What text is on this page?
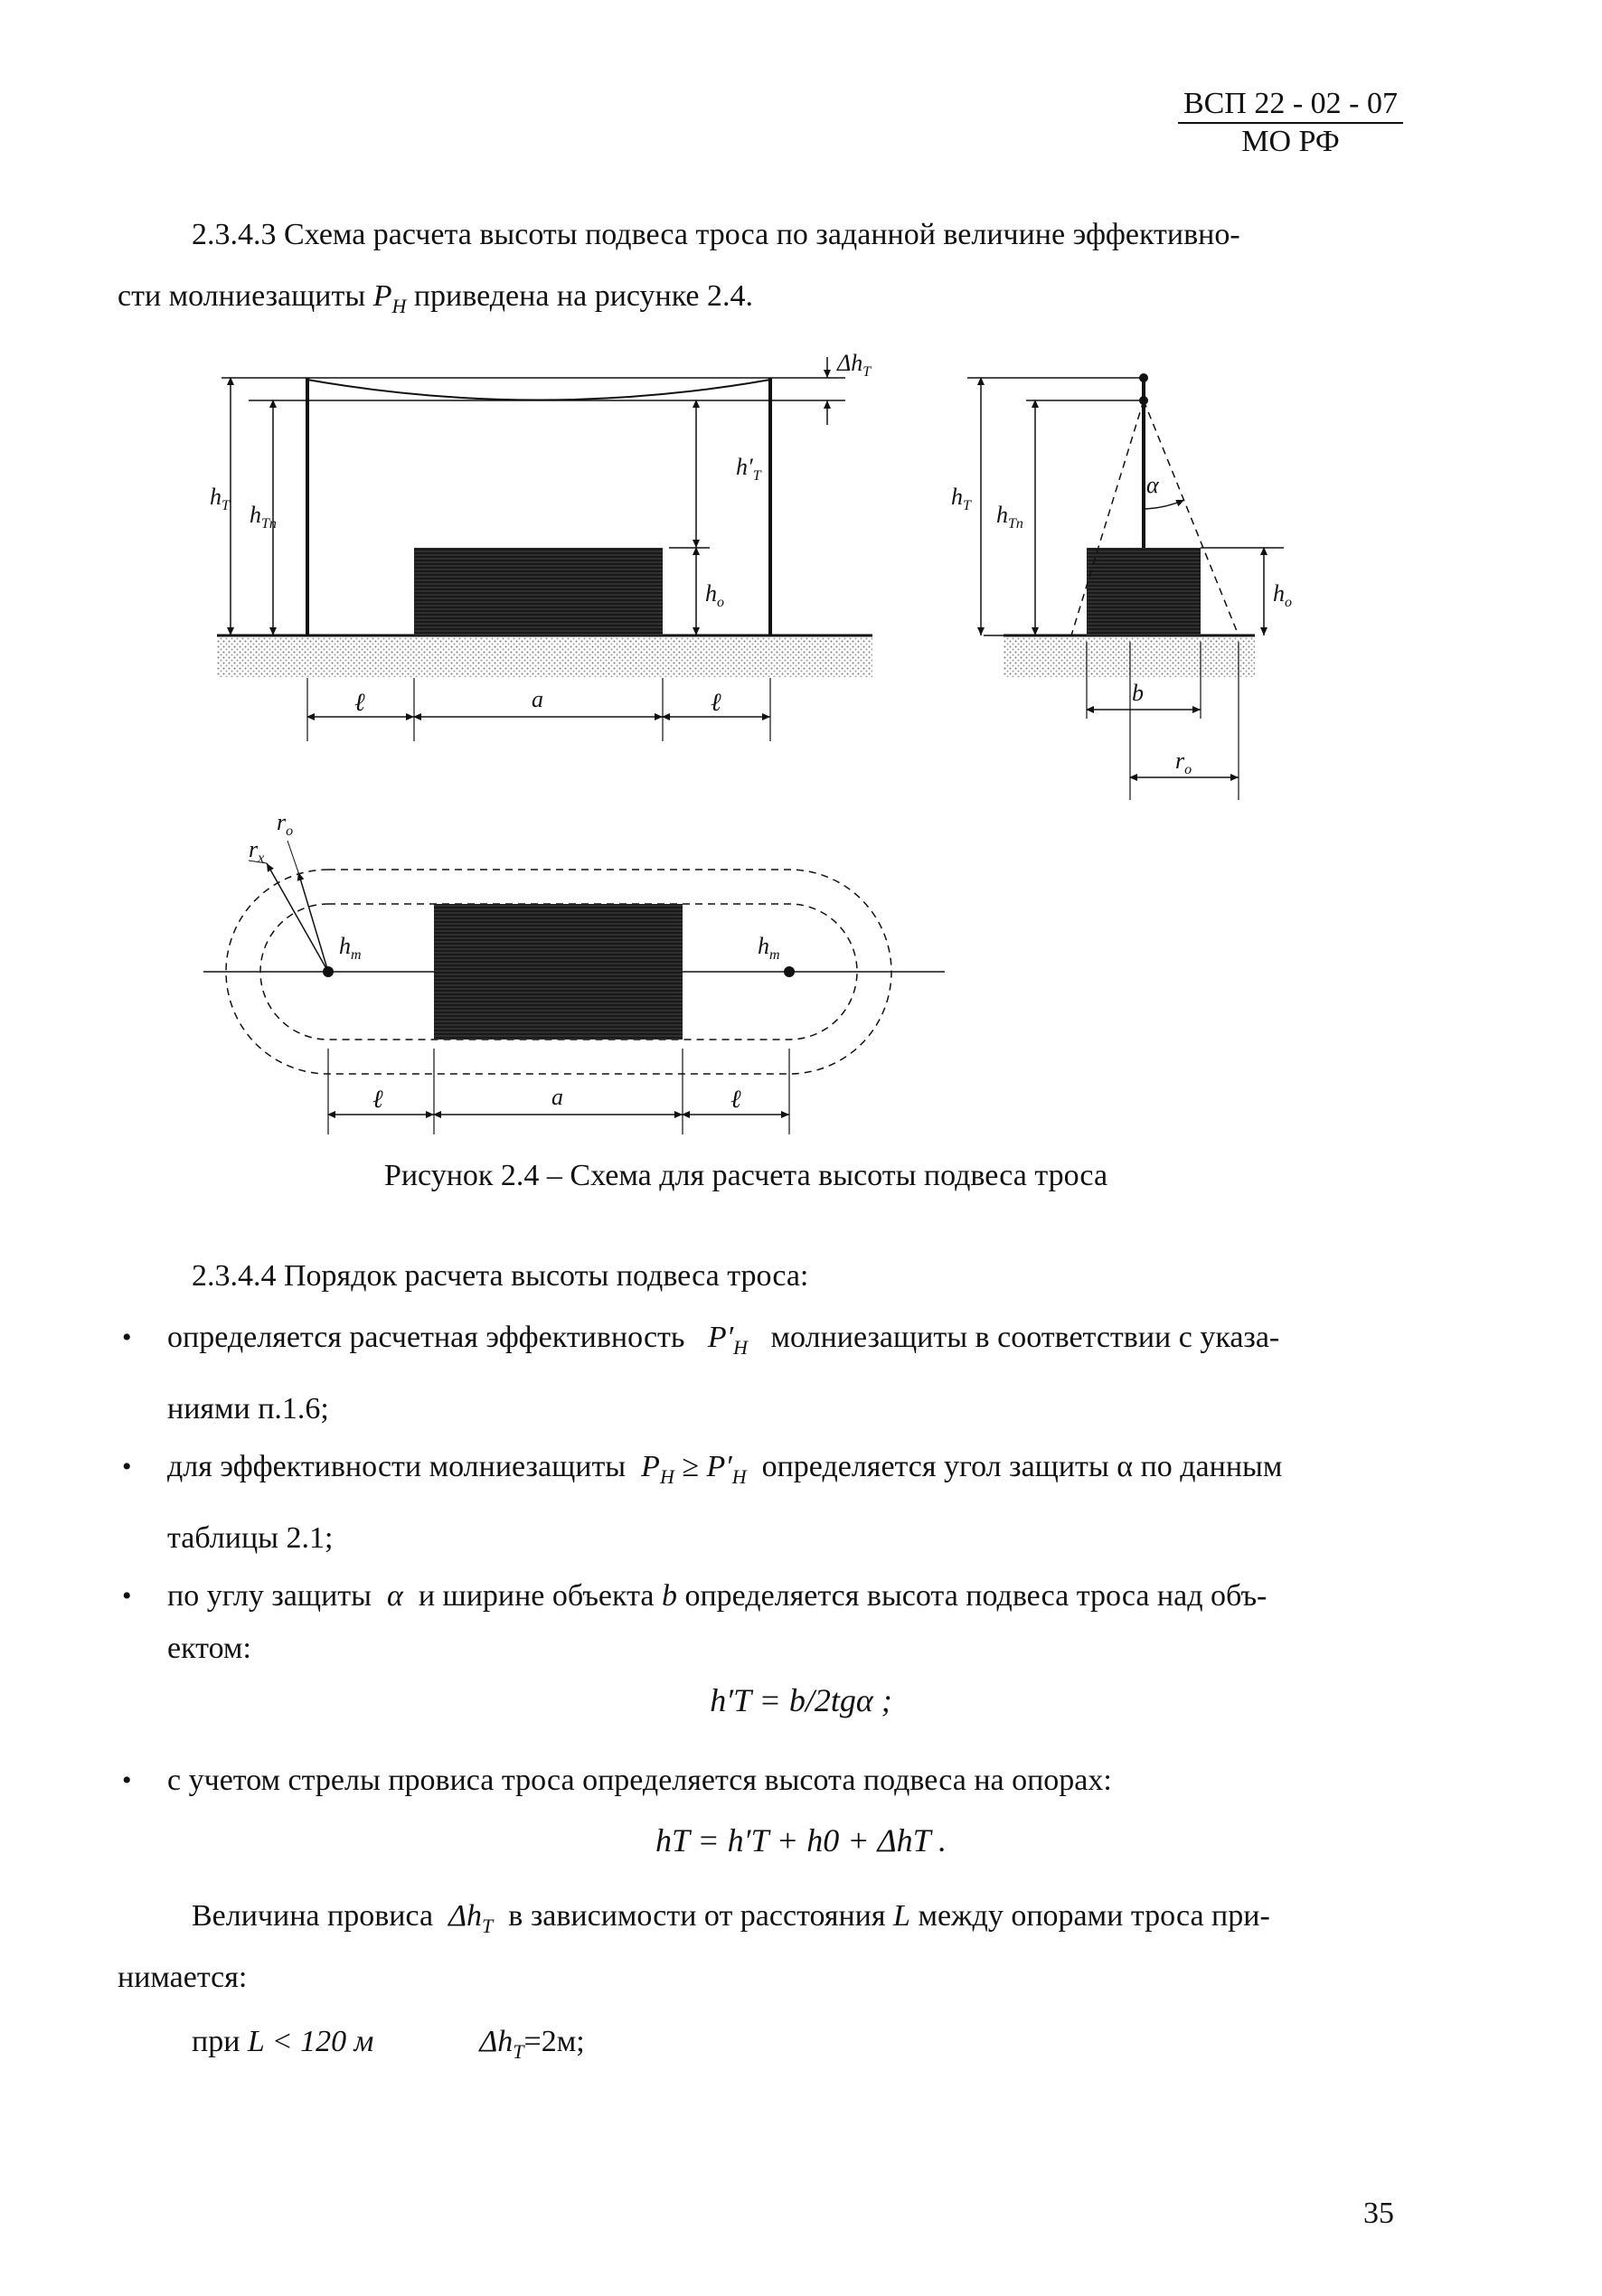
ВСП 22 - 02 - 07
МО РФ
2.3.4.3 Схема расчета высоты подвеса троса по заданной величине эффективно-
сти молниезащиты $P_Н$ приведена на рисунке 2.4.
$\Delta h_T$
$h_T$ $h_{Tп}$
$h'_T$
$h_o$
ℓ	a	ℓ
α
$h_T$ $h_{Tп}$
$h_o$
b
$r_o$
$h_m$	$h_m$
$r_o$
$r_x$
ℓ	a	ℓ
Рисунок 2.4 – Схема для расчета высоты подвеса троса
2.3.4.4 Порядок расчета высоты подвеса троса:
• определяется расчетная эффективность $P'_Н$ молниезащиты в соответствии с указа-
ниями п.1.6;
• для эффективности молниезащиты $P_Н \ge P'_Н$ определяется угол защиты α по данным
таблицы 2.1;
• по углу защиты α и ширине объекта b определяется высота подвеса троса над объ-
ектом:
h′T = b/2tgα ;
• с учетом стрелы провиса троса определяется высота подвеса на опорах:
hT = h′T + h0 + ΔhT .
Величина провиса $\Delta h_T$ в зависимости от расстояния L между опорами троса при-
нимается:
при L < 120 м	$\Delta h_T=2м$;
35
